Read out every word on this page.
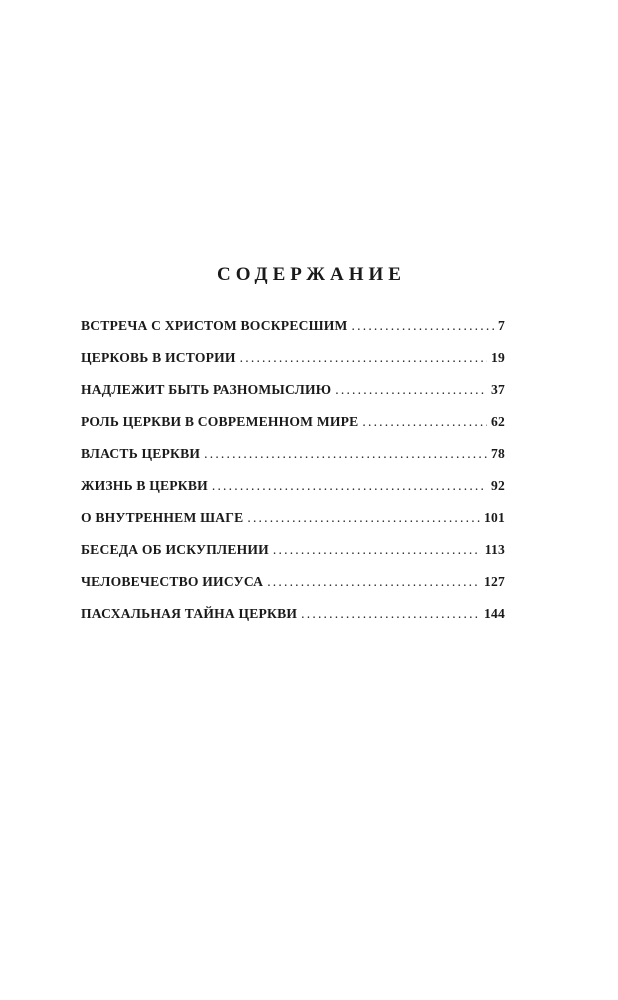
СОДЕРЖАНИЕ
ВСТРЕЧА С ХРИСТОМ ВОСКРЕСШИМ . . .	7
ЦЕРКОВЬ В ИСТОРИИ . . .	19
НАДЛЕЖИТ БЫТЬ РАЗНОМЫСЛИЮ . . .	37
РОЛЬ ЦЕРКВИ В СОВРЕМЕННОМ МИРЕ . . .	62
ВЛАСТЬ ЦЕРКВИ . . .	78
ЖИЗНЬ В ЦЕРКВИ . . .	92
О ВНУТРЕННЕМ ШАГЕ . . .	101
БЕСЕДА ОБ ИСКУПЛЕНИИ . . .	113
ЧЕЛОВЕЧЕСТВО ИИСУСА . . .	127
ПАСХАЛЬНАЯ ТАЙНА ЦЕРКВИ . . .	144
